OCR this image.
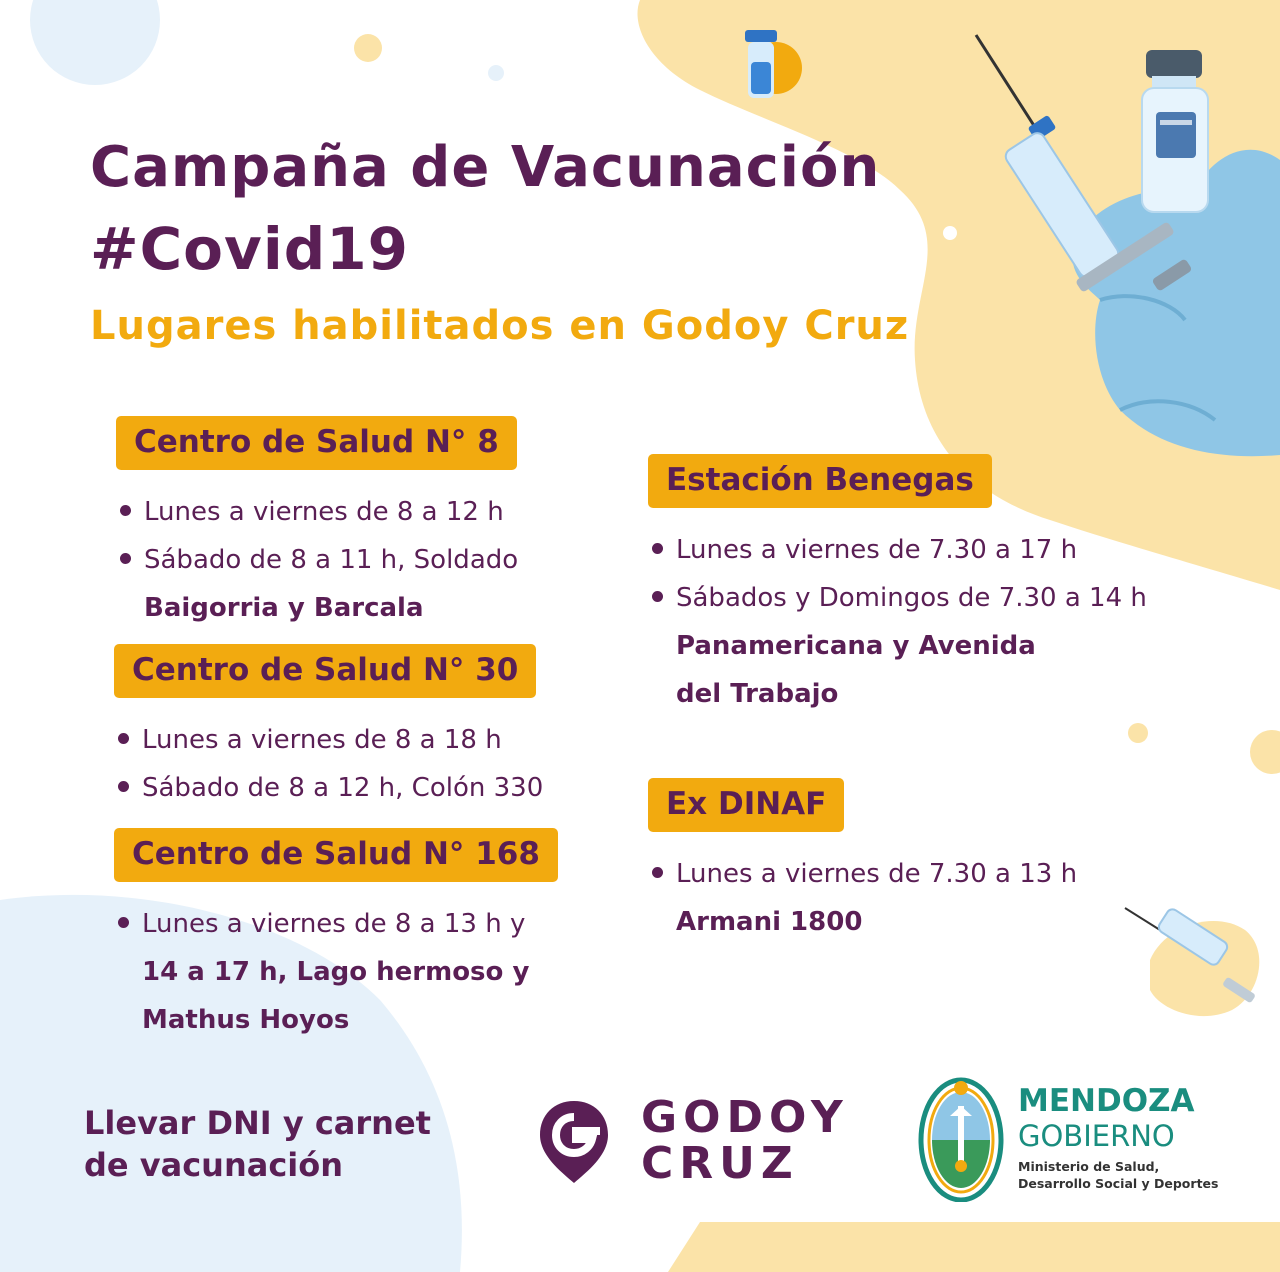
Campaña de Vacunación
#Covid19
Lugares habilitados en Godoy Cruz
Centro de Salud N° 8
Lunes a viernes de 8 a 12 h
Sábado de 8 a 11 h, Soldado
Baigorria y Barcala
Centro de Salud N° 30
Lunes a viernes de 8 a 18 h
Sábado de 8 a 12 h, Colón 330
Centro de Salud N° 168
Lunes a viernes de 8 a 13 h y
14 a 17 h, Lago hermoso y
Mathus Hoyos
Estación Benegas
Lunes a viernes de 7.30 a 17 h
Sábados y Domingos de 7.30 a 14 h
Panamericana y Avenida
del Trabajo
Ex DINAF
Lunes a viernes de 7.30 a 13 h
Armani 1800
Llevar DNI y carnet
de vacunación
GODOY
CRUZ
MENDOZA
GOBIERNO
Ministerio de Salud,
Desarrollo Social y Deportes
